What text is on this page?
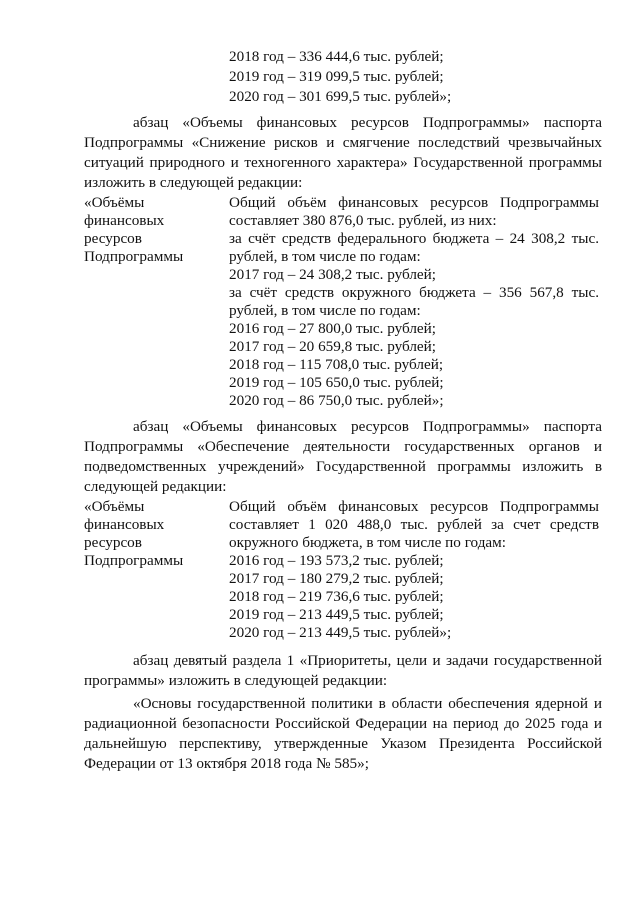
2018 год – 336 444,6 тыс. рублей;
2019 год – 319 099,5 тыс. рублей;
2020 год – 301 699,5 тыс. рублей»;
абзац «Объемы финансовых ресурсов Подпрограммы» паспорта
Подпрограммы «Снижение рисков и смягчение последствий чрезвычайных
ситуаций природного и техногенного характера» Государственной программы
изложить в следующей редакции:
«Объёмы
финансовых
ресурсов
Подпрограммы
Общий объём финансовых ресурсов Подпрограммы
составляет 380 876,0 тыс. рублей, из них:
за счёт средств федерального бюджета – 24 308,2 тыс.
рублей, в том числе по годам:
2017 год – 24 308,2 тыс. рублей;
за счёт средств окружного бюджета – 356 567,8 тыс.
рублей, в том числе по годам:
2016 год – 27 800,0 тыс. рублей;
2017 год – 20 659,8 тыс. рублей;
2018 год – 115 708,0 тыс. рублей;
2019 год – 105 650,0 тыс. рублей;
2020 год – 86 750,0 тыс. рублей»;
абзац «Объемы финансовых ресурсов Подпрограммы» паспорта
Подпрограммы «Обеспечение деятельности государственных органов и
подведомственных учреждений» Государственной программы изложить в
следующей редакции:
«Объёмы
финансовых
ресурсов
Подпрограммы
Общий объём финансовых ресурсов Подпрограммы
составляет 1 020 488,0 тыс. рублей за счет средств
окружного бюджета, в том числе по годам:
2016 год – 193 573,2 тыс. рублей;
2017 год – 180 279,2 тыс. рублей;
2018 год – 219 736,6 тыс. рублей;
2019 год – 213 449,5 тыс. рублей;
2020 год – 213 449,5 тыс. рублей»;
абзац девятый раздела 1 «Приоритеты, цели и задачи государственной
программы» изложить в следующей редакции:
«Основы государственной политики в области обеспечения ядерной и
радиационной безопасности Российской Федерации на период до 2025 года и
дальнейшую перспективу, утвержденные Указом Президента Российской
Федерации от 13 октября 2018 года № 585»;
